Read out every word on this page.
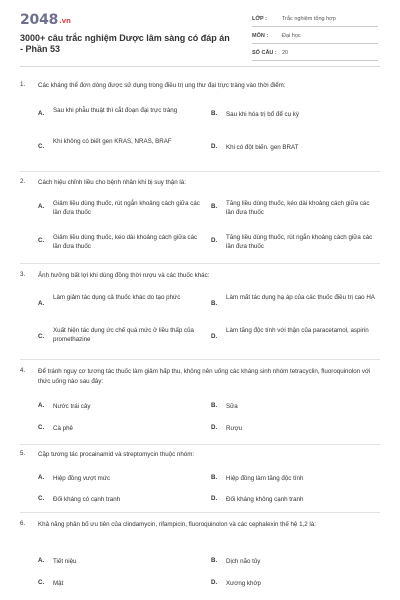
2048.vn
3000+ câu trắc nghiệm Dược lâm sàng có đáp án - Phần 53
LỚP :	Trắc nghiệm tổng hợp
MÔN :	Đại học
SỐ CÂU : 20
1. Các kháng thể đơn dòng được sử dụng trong điều trị ung thư đại trực tràng vào thời điểm:
A. Sau khi phẫu thuật thì cắt đoạn đại trực tràng	B. Sau khi hóa trị bổ để cụ kỳ
C.
Khi không có biết gen KRAS, NRAS, BRAF
D. Khi có đột biến. gen BRAT
2. Cách hiệu chỉnh liều cho bệnh nhân khi bị suy thận là:
A. Giảm liều dùng thuốc, rút ngắn khoảng cách giữa các lần đưa thuốc
B. Tăng liều dùng thuốc, kéo dài khoảng cách giữa các lần đưa thuốc
C. Giảm liều dùng thuốc, kéo dài khoảng cách giữa các lần đưa thuốc
D. Tăng liều dùng thuốc, rút ngắn khoảng cách giữa các lần đưa thuốc
3. Ảnh hưởng bất lợi khi dùng đồng thời rượu và các thuốc khác:
A.
Làm giảm tác dụng cả thuốc khác do tạo phức
B.
Làm mất tác dụng hạ áp của các thuốc điều trị cao HA
C.
Xuất hiện tác dụng ức chế quá mức ở liều thấp của promethazine	D.
Làm tăng độc tính với thận của paracetamol, aspirin
4. Để tránh nguy cơ tương tác thuốc làm giảm hấp thu, không nên uống các kháng sinh nhóm tetracyclin, fluoroquinolon với thức uống nào sau đây:
A. Nước trái cây	B. Sữa
C. Cà phê	D. Rượu
5. Cặp tương tác procainamid và streptomycin thuộc nhóm:
A. Hiệp đồng vượt mức	B. Hiệp đồng làm tăng độc tính
C. Đối kháng có cạnh tranh	D. Đối kháng không cạnh tranh
6. Khả năng phân bố ưu tiên của clindamycin, rifampicin, fluoroquinolon và các cephalexin thế hệ 1,2 là:
A. Tiết niệu	B. Dịch não tủy
C. Mật	D. Xương khớp
